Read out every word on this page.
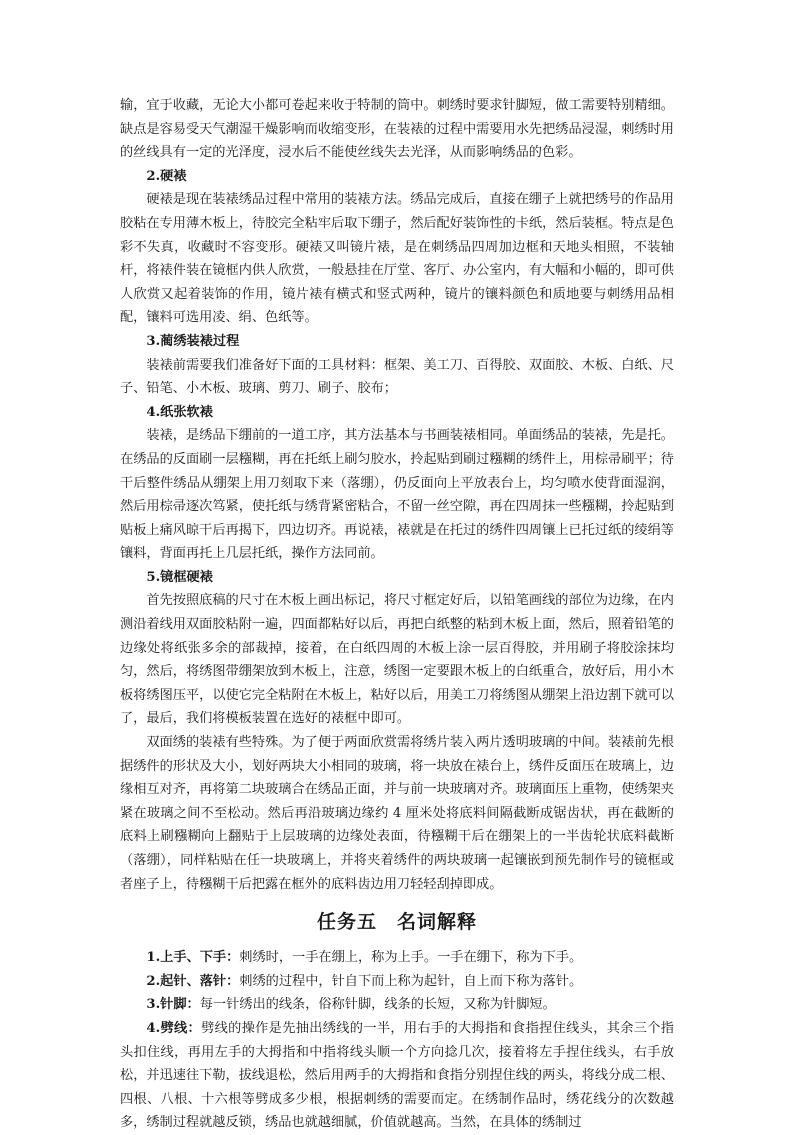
输，宜于收藏，无论大小都可卷起来收于特制的筒中。刺绣时要求针脚短，做工需要特别精细。缺点是容易受天气潮湿干燥影响而收缩变形，在装裱的过程中需要用水先把绣品浸湿，刺绣时用的丝线具有一定的光泽度，浸水后不能使丝线失去光泽，从而影响绣品的色彩。

2.硬裱

硬裱是现在装裱绣品过程中常用的装裱方法。绣品完成后，直接在绷子上就把绣号的作品用胶粘在专用薄木板上，待胶完全粘牢后取下绷子，然后配好装饰性的卡纸，然后装框。特点是色彩不失真，收藏时不容变形。硬裱又叫镜片裱，是在刺绣品四周加边框和天地头相照，不装轴杆，将裱件装在镜框内供人欣赏，一般悬挂在厅堂、客厅、办公室内，有大幅和小幅的，即可供人欣赏又起着装饰的作用，镜片裱有横式和竖式两种，镜片的镶料颜色和质地要与刺绣用品相配，镶料可选用凌、绢、色纸等。

3.蔺绣装裱过程

装裱前需要我们准备好下面的工具材料：框架、美工刀、百得胶、双面胶、木板、白纸、尺子、铅笔、小木板、玻璃、剪刀、刷子、胶布；

4.纸张软裱

装裱，是绣品下绷前的一道工序，其方法基本与书画装裱相同。单面绣品的装裱，先是托。在绣品的反面刷一层糨糊，再在托纸上刷匀胶水，拎起贴到刷过糨糊的绣件上，用棕帚刷平；待干后整件绣品从绷架上用刀刻取下来（落绷），仍反面向上平放表台上，均匀喷水使背面湿润，然后用棕帚逐次笃紧，使托纸与绣背紧密粘合，不留一丝空隙，再在四周抹一些糨糊，拎起贴到贴板上痛风晾干后再揭下，四边切齐。再说裱，裱就是在托过的绣件四周镶上已托过纸的绫绢等镶料，背面再托上几层托纸，操作方法同前。

5.镜框硬裱

首先按照底稿的尺寸在木板上画出标记，将尺寸框定好后，以铅笔画线的部位为边缘，在内测沿着线用双面胶粘附一遍，四面都粘好以后，再把白纸整的粘到木板上面，然后，照着铅笔的边缘处将纸张多余的部裁掉，接着，在白纸四周的木板上涂一层百得胶，并用刷子将胶涂抹均匀，然后，将绣图带绷架放到木板上，注意，绣图一定要跟木板上的白纸重合，放好后，用小木板将绣图压平，以使它完全粘附在木板上，粘好以后，用美工刀将绣图从绷架上沿边割下就可以了，最后，我们将模板装置在选好的裱框中即可。

双面绣的装裱有些特殊。为了便于两面欣赏需将绣片装入两片透明玻璃的中间。装裱前先根据绣件的形状及大小，划好两块大小相同的玻璃，将一块放在裱台上，绣件反面压在玻璃上，边缘相互对齐，再将第二块玻璃合在绣品正面，并与前一块玻璃对齐。玻璃面压上重物，使绣架夹紧在玻璃之间不至松动。然后再沿玻璃边缘约 4 厘米处将底料间隔截断成锯齿状，再在截断的底料上刷糨糊向上翻贴于上层玻璃的边缘处表面，待糨糊干后在绷架上的一半齿轮状底料截断（落绷），同样粘贴在任一块玻璃上，并将夹着绣件的两块玻璃一起镶嵌到预先制作号的镜框或者座子上，待糨糊干后把露在框外的底料齿边用刀轻轻刮掉即成。

任务五 名词解释

1.上手、下手：刺绣时，一手在绷上，称为上手。一手在绷下，称为下手。

2.起针、落针：刺绣的过程中，针自下而上称为起针，自上而下称为落针。

3.针脚：每一针绣出的线条，俗称针脚，线条的长短，又称为针脚短。

4.劈线：劈线的操作是先抽出绣线的一半，用右手的大拇指和食指捏住线头，其余三个指头扣住线，再用左手的大拇指和中指将线头顺一个方向捻几次，接着将左手捏住线头，右手放松，并迅速往下勒，拔线退松，然后用两手的大拇指和食指分别捏住线的两头，将线分成二根、四根、八根、十六根等劈成多少根，根据刺绣的需要而定。在绣制作品时，绣花线分的次数越多，绣制过程就越反锁，绣品也就越细腻，价值就越高。当然，在具体的绣制过
